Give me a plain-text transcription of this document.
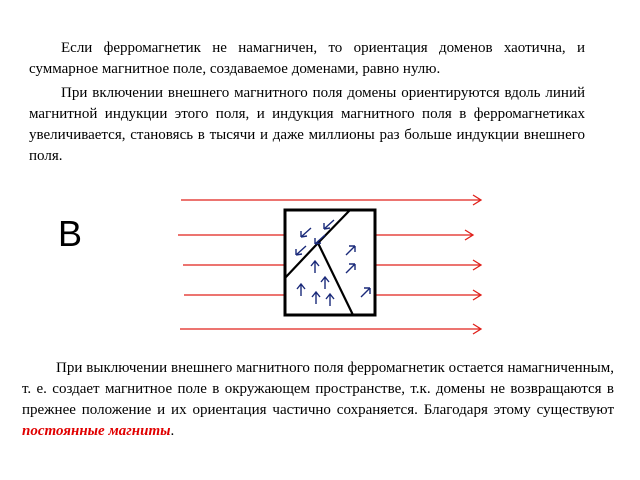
Если ферромагнетик не намагничен, то ориентация доменов хаотична, и суммарное магнитное поле, создаваемое доменами, равно нулю.

При включении внешнего магнитного поля домены ориентируются вдоль линий магнитной индукции этого поля, и индукция магнитного поля в ферромагнетиках увеличивается, становясь в тысячи и даже миллионы раз больше индукции внешнего поля.

При выключении внешнего магнитного поля ферромагнетик остается намагниченным, т. е. создает магнитное поле в окружающем пространстве, т.к. домены не возвращаются в прежнее положение и их ориентация частично сохраняется. Благодаря этому существуют постоянные магниты.

B
